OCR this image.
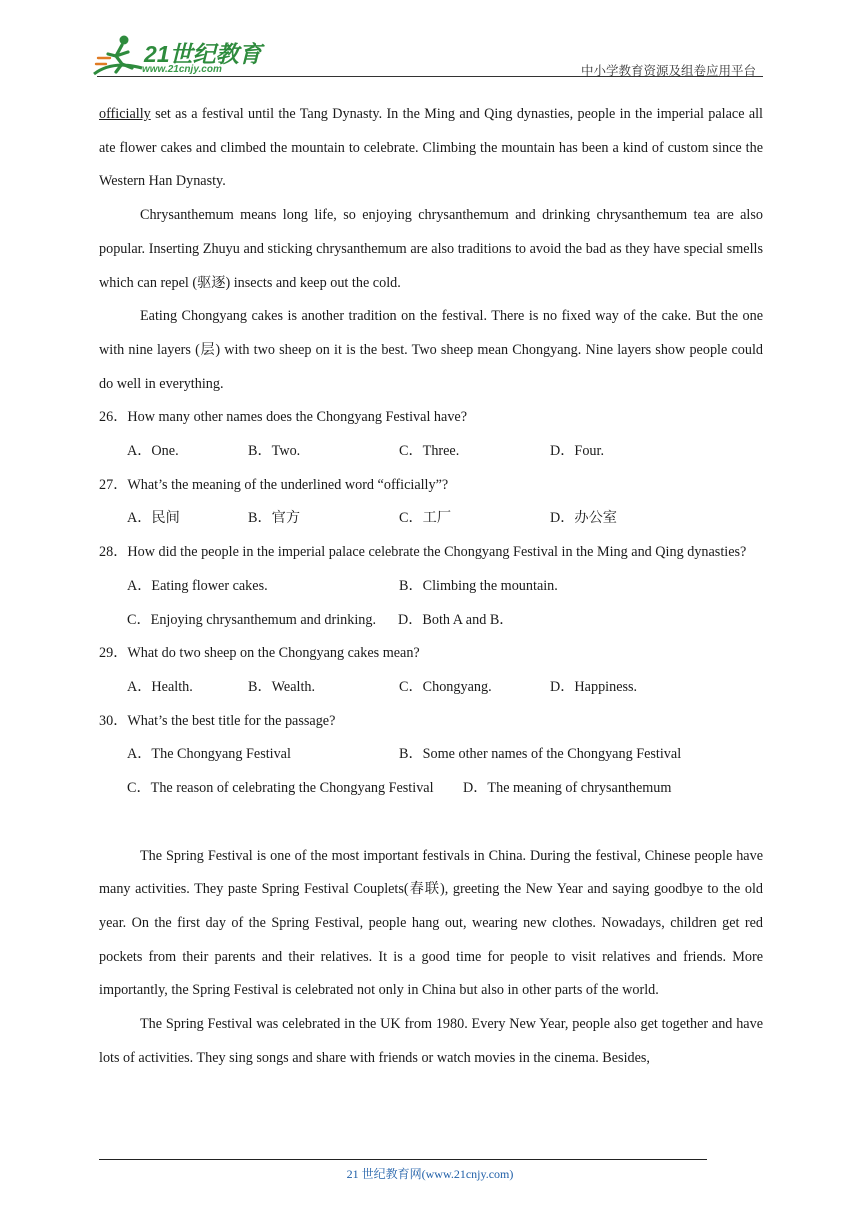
21世纪教育
www.21cnjy.com	中小学教育资源及组卷应用平台

officially set as a festival until the Tang Dynasty. In the Ming and Qing dynasties, people in the imperial palace all ate flower cakes and climbed the mountain to celebrate. Climbing the mountain has been a kind of custom since the Western Han Dynasty.

Chrysanthemum means long life, so enjoying chrysanthemum and drinking chrysanthemum tea are also popular. Inserting Zhuyu and sticking chrysanthemum are also traditions to avoid the bad as they have special smells which can repel (驱逐) insects and keep out the cold.

Eating Chongyang cakes is another tradition on the festival. There is no fixed way of the cake. But the one with nine layers (层) with two sheep on it is the best. Two sheep mean Chongyang. Nine layers show people could do well in everything.

26．How many other names does the Chongyang Festival have?

A．One.	B．Two.	C．Three.	D．Four.

27．What’s the meaning of the underlined word “officially”?

A．民间	B．官方	C．工厂	D．办公室

28．How did the people in the imperial palace celebrate the Chongyang Festival in the Ming and Qing dynasties?

A．Eating flower cakes.	B．Climbing the mountain.
C．Enjoying chrysanthemum and drinking. D．Both A and B．

29．What do two sheep on the Chongyang cakes mean?

A．Health.	B．Wealth.	C．Chongyang.	D．Happiness.

30．What’s the best title for the passage?

A．The Chongyang Festival	B．Some other names of the Chongyang Festival
C．The reason of celebrating the Chongyang Festival D．The meaning of chrysanthemum

The Spring Festival is one of the most important festivals in China. During the festival, Chinese people have many activities. They paste Spring Festival Couplets(春联), greeting the New Year and saying goodbye to the old year. On the first day of the Spring Festival, people hang out, wearing new clothes. Nowadays, children get red pockets from their parents and their relatives. It is a good time for people to visit relatives and friends. More importantly, the Spring Festival is celebrated not only in China but also in other parts of the world.

The Spring Festival was celebrated in the UK from 1980. Every New Year, people also get together and have lots of activities. They sing songs and share with friends or watch movies in the cinema. Besides,

21 世纪教育网(www.21cnjy.com)
